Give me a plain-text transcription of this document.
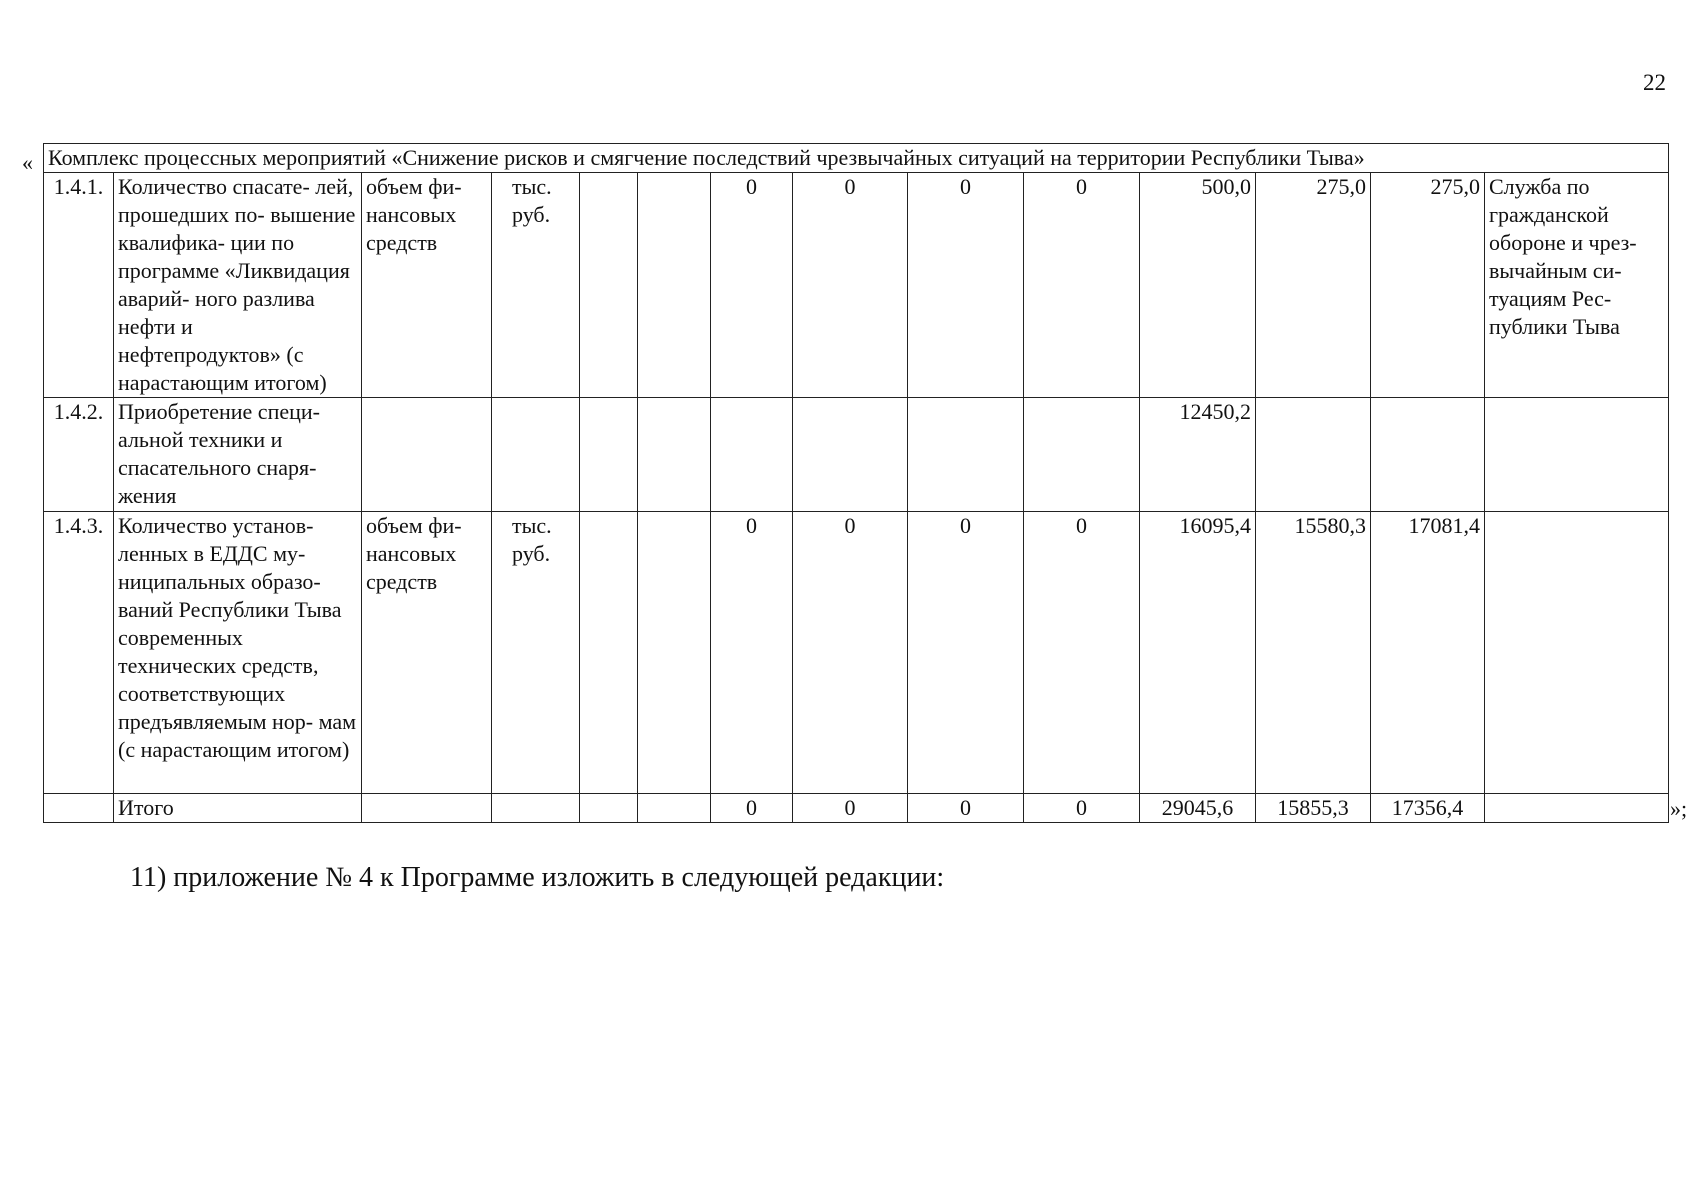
22
« Комплекс процессных мероприятий «Снижение рисков и смягчение последствий чрезвычайных ситуаций на территории Республики Тыва»													
1.4.1.	Количество спасате- лей, прошедших по- вышение квалифика- ции по программе «Ликвидация аварий- ного разлива нефти и нефтепродуктов» (с нарастающим итогом)	объем фи- нансовых средств	тыс. руб.			0	0	0	0	500,0	275,0	275,0	Служба по гражданской обороне и чрез- вычайным си- туациям Рес- публики Тыва
1.4.2.	Приобретение специ- альной техники и спасательного снаря- жения									12450,2			
1.4.3.	Количество установ- ленных в ЕДДС му- ниципальных образо- ваний Республики Тыва современных технических средств, соответствующих предъявляемым нор- мам (с нарастающим итогом)	объем фи- нансовых средств	тыс. руб.			0	0	0	0	16095,4	15580,3	17081,4	
	Итого					0	0	0	0	29045,6	15855,3	17356,4		»;
11) приложение № 4 к Программе изложить в следующей редакции:
